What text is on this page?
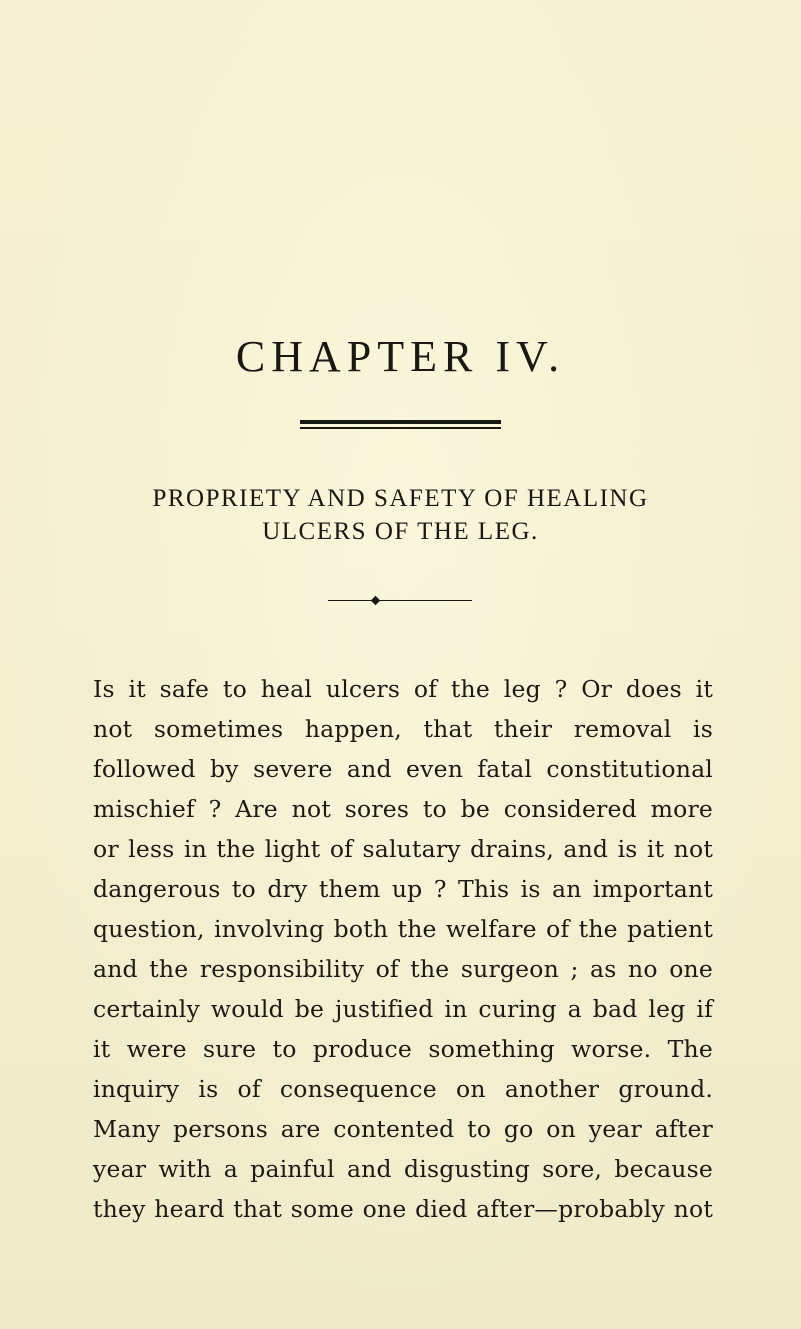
CHAPTER IV.
PROPRIETY AND SAFETY OF HEALING
ULCERS OF THE LEG.
Is it safe to heal ulcers of the leg ? Or does it
not sometimes happen, that their removal is
followed by severe and even fatal constitutional
mischief ? Are not sores to be considered more
or less in the light of salutary drains, and is it not
dangerous to dry them up ? This is an important
question, involving both the welfare of the patient
and the responsibility of the surgeon ; as no one
certainly would be justified in curing a bad leg if
it were sure to produce something worse. The
inquiry is of consequence on another ground.
Many persons are contented to go on year after
year with a painful and disgusting sore, because
they heard that some one died after—probably not
